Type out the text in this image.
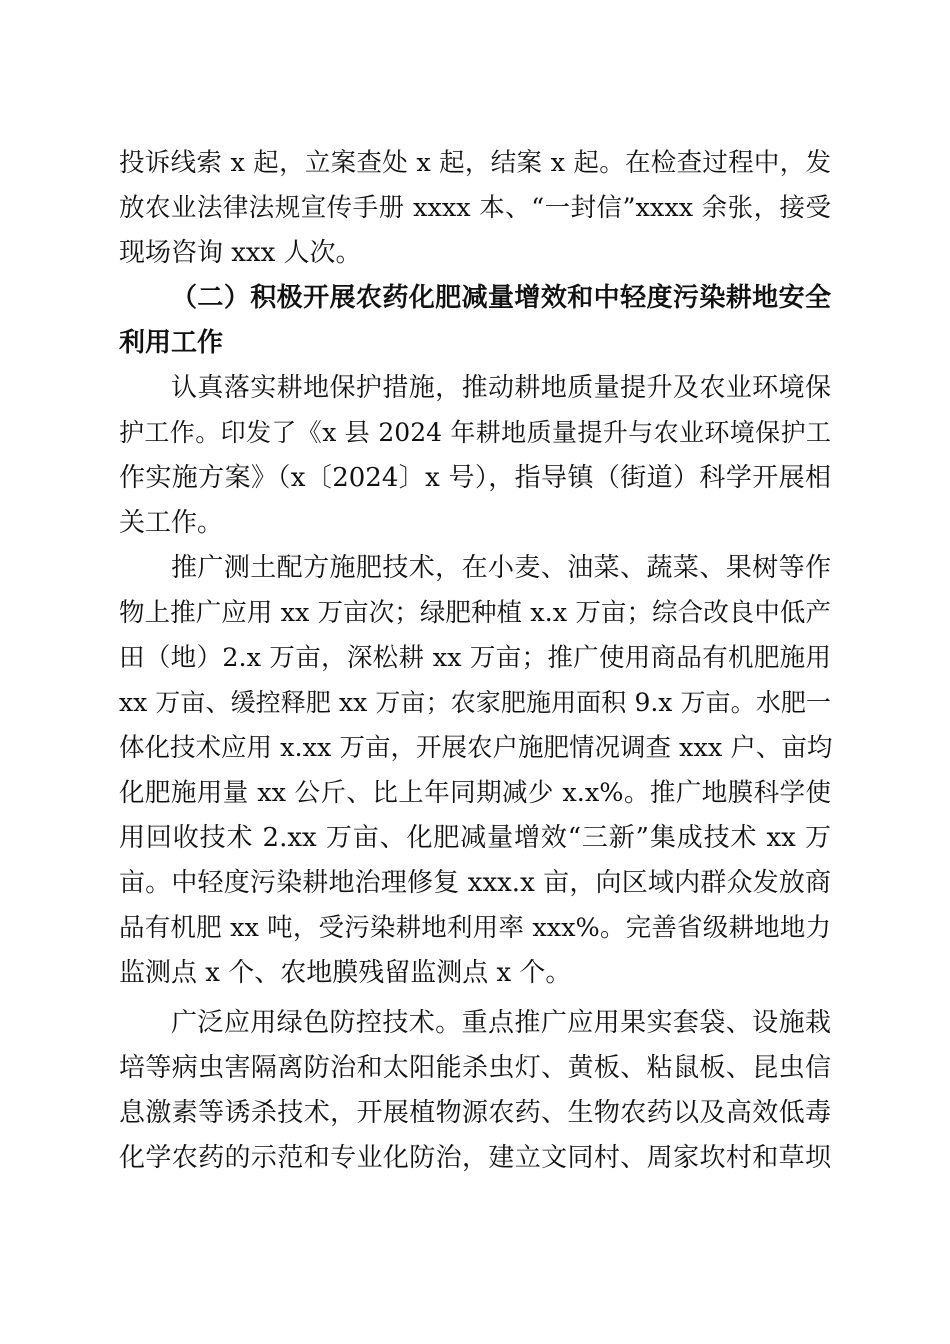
投诉线索 x 起，立案查处 x 起，结案 x 起。在检查过程中，发
放农业法律法规宣传手册 xxxx 本、“一封信”xxxx 余张，接受
现场咨询 xxx 人次。
（二）积极开展农药化肥减量增效和中轻度污染耕地安全
利用工作
认真落实耕地保护措施，推动耕地质量提升及农业环境保
护工作。印发了《x 县 2024 年耕地质量提升与农业环境保护工
作实施方案》（x〔2024〕x 号），指导镇（街道）科学开展相
关工作。
推广测土配方施肥技术，在小麦、油菜、蔬菜、果树等作
物上推广应用 xx 万亩次；绿肥种植 x.x 万亩；综合改良中低产
田（地）2.x 万亩，深松耕 xx 万亩；推广使用商品有机肥施用
xx 万亩、缓控释肥 xx 万亩；农家肥施用面积 9.x 万亩。水肥一
体化技术应用 x.xx 万亩，开展农户施肥情况调查 xxx 户、亩均
化肥施用量 xx 公斤、比上年同期减少 x.x%。推广地膜科学使
用回收技术 2.xx 万亩、化肥减量增效“三新”集成技术 xx 万
亩。中轻度污染耕地治理修复 xxx.x 亩，向区域内群众发放商
品有机肥 xx 吨，受污染耕地利用率 xxx%。完善省级耕地地力
监测点 x 个、农地膜残留监测点 x 个。
广泛应用绿色防控技术。重点推广应用果实套袋、设施栽
培等病虫害隔离防治和太阳能杀虫灯、黄板、粘鼠板、昆虫信
息激素等诱杀技术，开展植物源农药、生物农药以及高效低毒
化学农药的示范和专业化防治，建立文同村、周家坎村和草坝
